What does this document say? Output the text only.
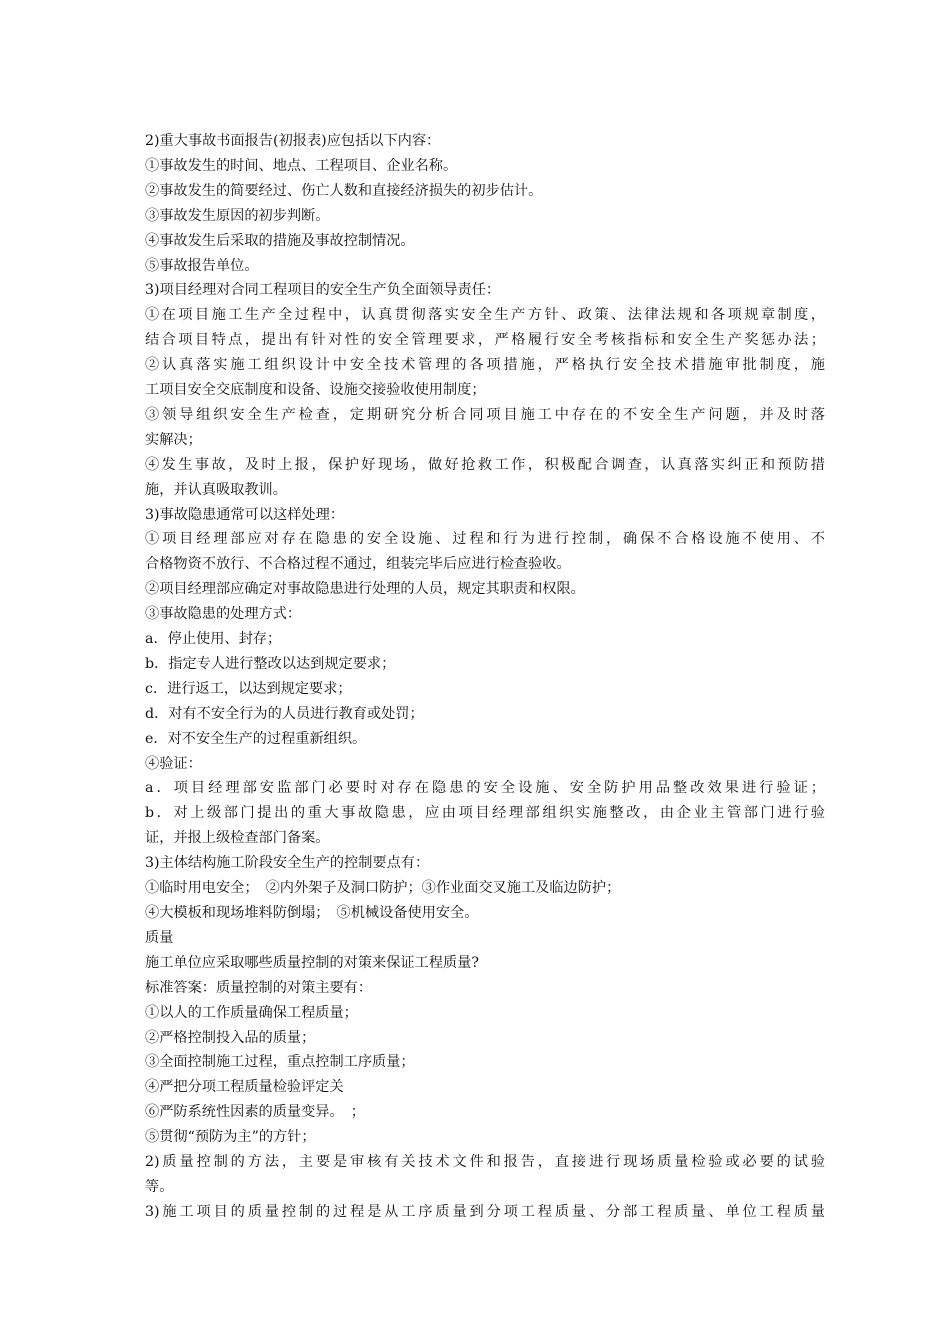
2)重大事故书面报告(初报表)应包括以下内容：
①事故发生的时间、地点、工程项目、企业名称。
②事故发生的简要经过、伤亡人数和直接经济损失的初步估计。
③事故发生原因的初步判断。
④事故发生后采取的措施及事故控制情况。
⑤事故报告单位。
3)项目经理对合同工程项目的安全生产负全面领导责任：
①在项目施工生产全过程中，认真贯彻落实安全生产方针、政策、法律法规和各项规章制度，
结合项目特点，提出有针对性的安全管理要求，严格履行安全考核指标和安全生产奖惩办法；
②认真落实施工组织设计中安全技术管理的各项措施，严格执行安全技术措施审批制度，施
工项目安全交底制度和设备、设施交接验收使用制度；
③领导组织安全生产检查，定期研究分析合同项目施工中存在的不安全生产问题，并及时落
实解决；
④发生事故，及时上报，保护好现场，做好抢救工作，积极配合调查，认真落实纠正和预防措
施，并认真吸取教训。
3)事故隐患通常可以这样处理：
①项目经理部应对存在隐患的安全设施、过程和行为进行控制，确保不合格设施不使用、不
合格物资不放行、不合格过程不通过，组装完毕后应进行检查验收。
②项目经理部应确定对事故隐患进行处理的人员，规定其职责和权限。
③事故隐患的处理方式：
a．停止使用、封存；
b．指定专人进行整改以达到规定要求；
c．进行返工，以达到规定要求；
d．对有不安全行为的人员进行教育或处罚；
e．对不安全生产的过程重新组织。
④验证：
a．项目经理部安监部门必要时对存在隐患的安全设施、安全防护用品整改效果进行验证；
b．对上级部门提出的重大事故隐患，应由项目经理部组织实施整改，由企业主管部门进行验
证，并报上级检查部门备案。
3)主体结构施工阶段安全生产的控制要点有：
①临时用电安全；　②内外架子及洞口防护；③作业面交叉施工及临边防护；
④大模板和现场堆料防倒塌；　⑤机械设备使用安全。
质量
施工单位应采取哪些质量控制的对策来保证工程质量?
标准答案：质量控制的对策主要有：
①以人的工作质量确保工程质量；
②严格控制投入品的质量；
③全面控制施工过程，重点控制工序质量；
④严把分项工程质量检验评定关
⑥严防系统性因素的质量变异。　；
⑤贯彻“预防为主”的方针；
2)质量控制的方法，主要是审核有关技术文件和报告，直接进行现场质量检验或必要的试验
等。
3)施工项目的质量控制的过程是从工序质量到分项工程质量、分部工程质量、单位工程质量
